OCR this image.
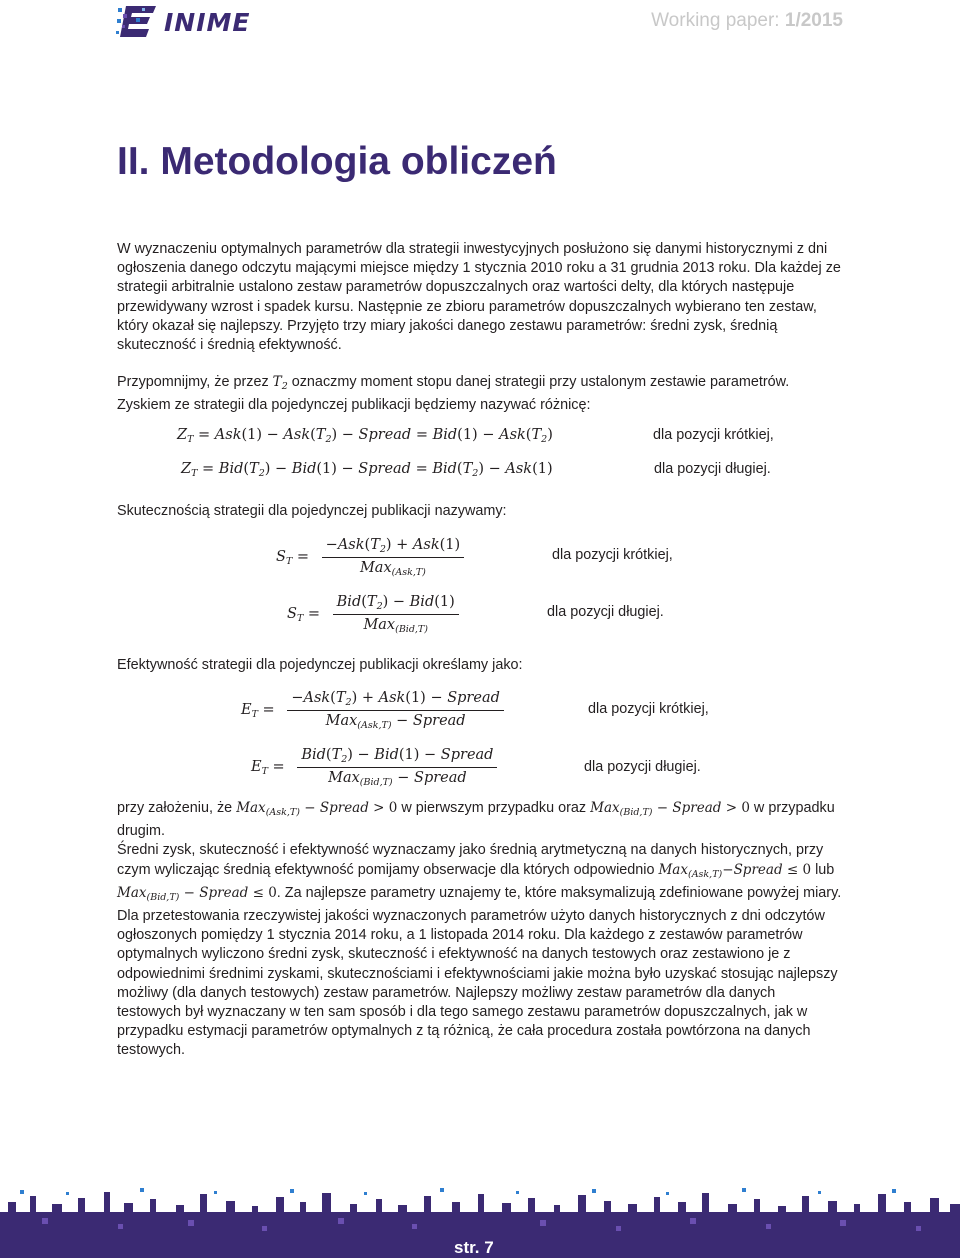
INIME	Working paper: 1/2015
II. Metodologia obliczeń

W wyznaczeniu optymalnych parametrów dla strategii inwestycyjnych posłużono się danymi historycznymi z dni ogłoszenia danego odczytu mającymi miejsce między 1 stycznia 2010 roku a 31 grudnia 2013 roku. Dla każdej ze strategii arbitralnie ustalono zestaw parametrów dopuszczalnych oraz wartości delty, dla których następuje przewidywany wzrost i spadek kursu. Następnie ze zbioru parametrów dopuszczalnych wybierano ten zestaw, który okazał się najlepszy. Przyjęto trzy miary jakości danego zestawu parametrów: średni zysk, średnią skuteczność i średnią efektywność.

Przypomnijmy, że przez $T_2$ oznaczmy moment stopu danej strategii przy ustalonym zestawie parametrów. Zyskiem ze strategii dla pojedynczej publikacji będziemy nazywać różnicę:

$Z_T = Ask(1) - Ask(T_2)$ − Spread = $Bid(1) - Ask(T_2)$	dla pozycji krótkiej,
$Z_T = Bid(T_2) - Bid(1)$ − Spread = $Bid(T_2) - Ask(1)$	dla pozycji długiej.
Skutecznością strategii dla pojedynczej publikacji nazywamy:
$S_T = \frac{-Ask(T_2) + Ask(1)}{Max_{(Ask,T)}}$	dla pozycji krótkiej,
$S_T = \frac{Bid(T_2) - Bid(1)}{Max_{(Bid,T)}}$	dla pozycji długiej.
Efektywność strategii dla pojedynczej publikacji określamy jako:
$E_T = \frac{-Ask(T_2) + Ask(1) - Spread}{Max_{(Ask,T)} - Spread}$	dla pozycji krótkiej,
$E_T = \frac{Bid(T_2) - Bid(1) - Spread}{Max_{(Bid,T)} - Spread}$	dla pozycji długiej.

przy założeniu, że Max$_{(Ask,T)}$ − Spread > 0 w pierwszym przypadku oraz Max$_{(Bid,T)}$ − Spread > 0 w przypadku drugim.

Średni zysk, skuteczność i efektywność wyznaczamy jako średnią arytmetyczną na danych historycznych, przy czym wyliczając średnią efektywność pomijamy obserwacje dla których odpowiednio Max$_{(Ask,T)}$−Spread ≤ 0 lub Max$_{(Bid,T)}$ − Spread ≤ 0. Za najlepsze parametry uznajemy te, które maksymalizują zdefiniowane powyżej miary.

Dla przetestowania rzeczywistej jakości wyznaczonych parametrów użyto danych historycznych z dni odczytów ogłoszonych pomiędzy 1 stycznia 2014 roku, a 1 listopada 2014 roku. Dla każdego z zestawów parametrów optymalnych wyliczono średni zysk, skuteczność i efektywność na danych testowych oraz zestawiono je z odpowiednimi średnimi zyskami, skutecznościami i efektywnościami jakie można było uzyskać stosując najlepszy możliwy (dla danych testowych) zestaw parametrów. Najlepszy możliwy zestaw parametrów dla danych testowych był wyznaczany w ten sam sposób i dla tego samego zestawu parametrów dopuszczalnych, jak w przypadku estymacji parametrów optymalnych z tą różnicą, że cała procedura została powtórzona na danych testowych.

str. 7
